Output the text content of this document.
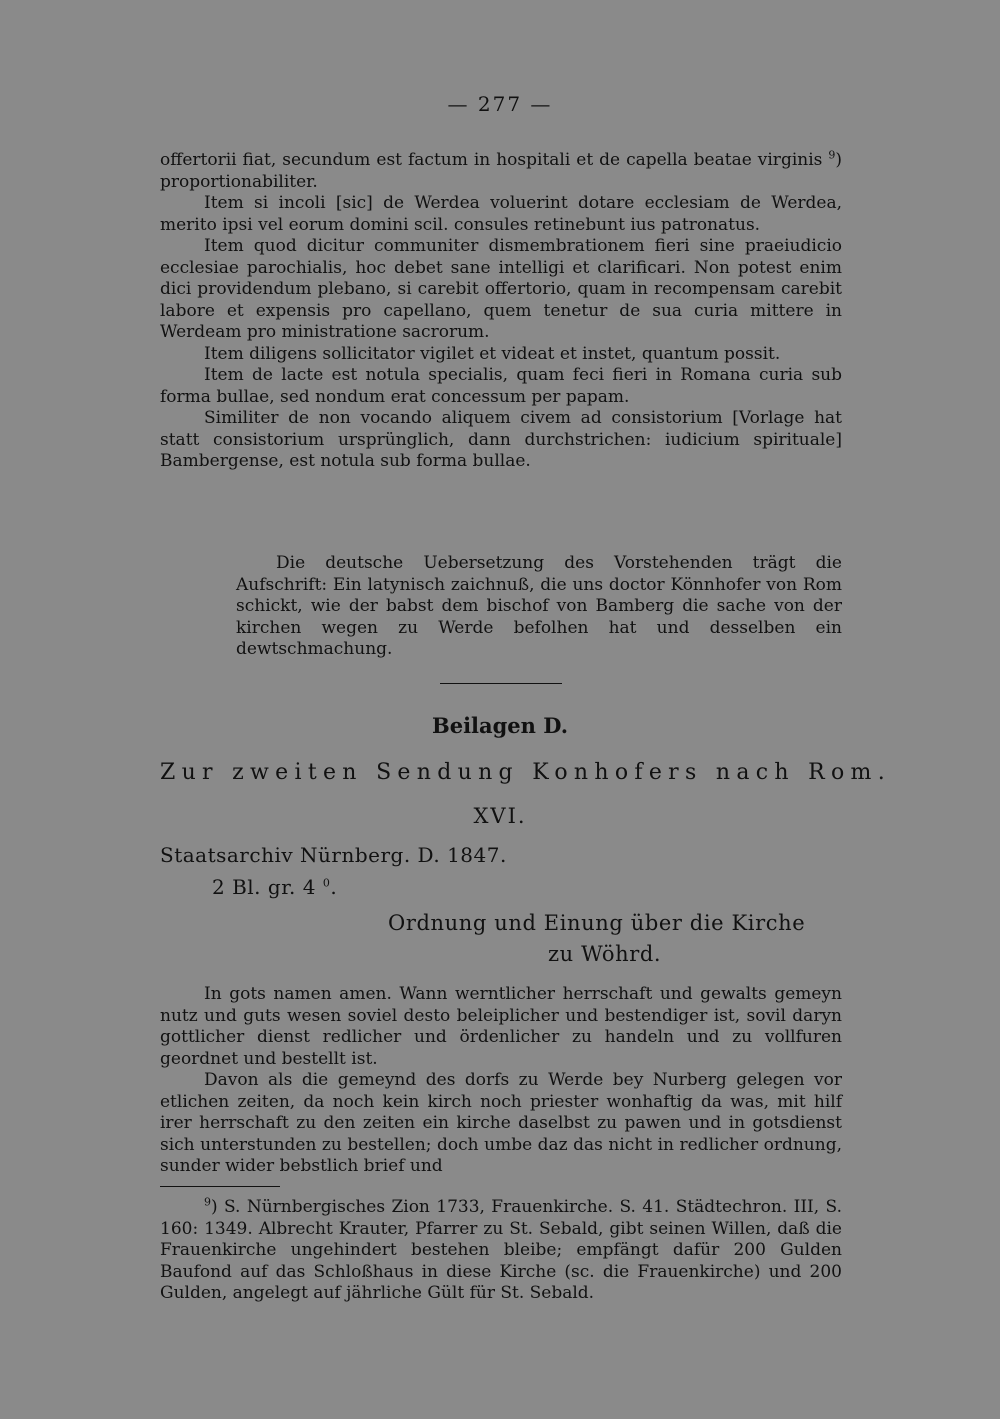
— 277 —

offertorii fiat, secundum est factum in hospitali et de capella beatae virginis $^9$) proportionabiliter.

Item si incoli [sic] de Werdea voluerint dotare ecclesiam de Werdea, merito ipsi vel eorum domini scil. consules retinebunt ius patronatus.

Item quod dicitur communiter dismembrationem fieri sine praeiudicio ecclesiae parochialis, hoc debet sane intelligi et clarificari. Non potest enim dici providendum plebano, si carebit offertorio, quam in recompensam carebit labore et expensis pro capellano, quem tenetur de sua curia mittere in Werdeam pro ministratione sacrorum.

Item diligens sollicitator vigilet et videat et instet, quantum possit.

Item de lacte est notula specialis, quam feci fieri in Romana curia sub forma bullae, sed nondum erat concessum per papam.

Similiter de non vocando aliquem civem ad consistorium [Vorlage hat statt consistorium ursprünglich, dann durchstrichen: iudicium spirituale] Bambergense, est notula sub forma bullae.

Die deutsche Uebersetzung des Vorstehenden trägt die Aufschrift: Ein latynisch zaichnuß, die uns doctor Könnhofer von Rom schickt, wie der babst dem bischof von Bamberg die sache von der kirchen wegen zu Werde befolhen hat und desselben ein dewtschmachung.
Beilagen D.
Zur zweiten Sendung Konhofers nach Rom.
XVI.
Staatsarchiv Nürnberg. D. 1847.
2 Bl. gr. 4 $^0$.
Ordnung und Einung über die Kirche
zu Wöhrd.

In gots namen amen. Wann werntlicher herrschaft und gewalts gemeyn nutz und guts wesen soviel desto beleiplicher und bestendiger ist, sovil daryn gottlicher dienst redlicher und ördenlicher zu handeln und zu vollfuren geordnet und bestellt ist.

Davon als die gemeynd des dorfs zu Werde bey Nurberg gelegen vor etlichen zeiten, da noch kein kirch noch priester wonhaftig da was, mit hilf irer herrschaft zu den zeiten ein kirche daselbst zu pawen und in gotsdienst sich unterstunden zu bestellen; doch umbe daz das nicht in redlicher ordnung, sunder wider bebstlich brief und

$^9$) S. Nürnbergisches Zion 1733, Frauenkirche. S. 41. Städtechron. III, S. 160: 1349. Albrecht Krauter, Pfarrer zu St. Sebald, gibt seinen Willen, daß die Frauenkirche ungehindert bestehen bleibe; empfängt dafür 200 Gulden Baufond auf das Schloßhaus in diese Kirche (sc. die Frauenkirche) und 200 Gulden, angelegt auf jährliche Gült für St. Sebald.
